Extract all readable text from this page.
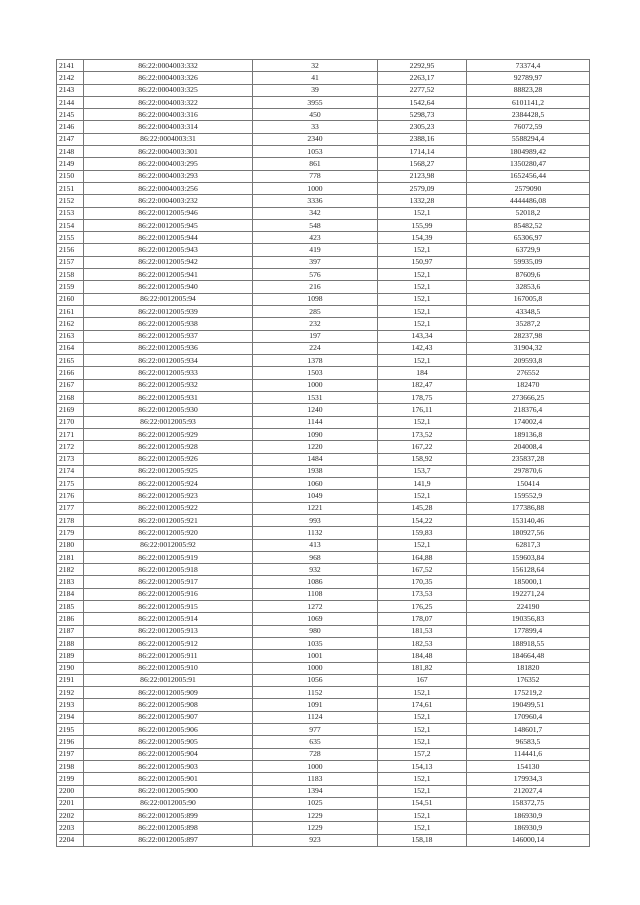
2141	86:22:0004003:332	32	2292,95	73374,4
2142	86:22:0004003:326	41	2263,17	92789,97
2143	86:22:0004003:325	39	2277,52	88823,28
2144	86:22:0004003:322	3955	1542,64	6101141,2
2145	86:22:0004003:316	450	5298,73	2384428,5
2146	86:22:0004003:314	33	2305,23	76072,59
2147	86:22:0004003:31	2340	2388,16	5588294,4
2148	86:22:0004003:301	1053	1714,14	1804989,42
2149	86:22:0004003:295	861	1568,27	1350280,47
2150	86:22:0004003:293	778	2123,98	1652456,44
2151	86:22:0004003:256	1000	2579,09	2579090
2152	86:22:0004003:232	3336	1332,28	4444486,08
2153	86:22:0012005:946	342	152,1	52018,2
2154	86:22:0012005:945	548	155,99	85482,52
2155	86:22:0012005:944	423	154,39	65306,97
2156	86:22:0012005:943	419	152,1	63729,9
2157	86:22:0012005:942	397	150,97	59935,09
2158	86:22:0012005:941	576	152,1	87609,6
2159	86:22:0012005:940	216	152,1	32853,6
2160	86:22:0012005:94	1098	152,1	167005,8
2161	86:22:0012005:939	285	152,1	43348,5
2162	86:22:0012005:938	232	152,1	35287,2
2163	86:22:0012005:937	197	143,34	28237,98
2164	86:22:0012005:936	224	142,43	31904,32
2165	86:22:0012005:934	1378	152,1	209593,8
2166	86:22:0012005:933	1503	184	276552
2167	86:22:0012005:932	1000	182,47	182470
2168	86:22:0012005:931	1531	178,75	273666,25
2169	86:22:0012005:930	1240	176,11	218376,4
2170	86:22:0012005:93	1144	152,1	174002,4
2171	86:22:0012005:929	1090	173,52	189136,8
2172	86:22:0012005:928	1220	167,22	204008,4
2173	86:22:0012005:926	1484	158,92	235837,28
2174	86:22:0012005:925	1938	153,7	297870,6
2175	86:22:0012005:924	1060	141,9	150414
2176	86:22:0012005:923	1049	152,1	159552,9
2177	86:22:0012005:922	1221	145,28	177386,88
2178	86:22:0012005:921	993	154,22	153140,46
2179	86:22:0012005:920	1132	159,83	180927,56
2180	86:22:0012005:92	413	152,1	62817,3
2181	86:22:0012005:919	968	164,88	159603,84
2182	86:22:0012005:918	932	167,52	156128,64
2183	86:22:0012005:917	1086	170,35	185000,1
2184	86:22:0012005:916	1108	173,53	192271,24
2185	86:22:0012005:915	1272	176,25	224190
2186	86:22:0012005:914	1069	178,07	190356,83
2187	86:22:0012005:913	980	181,53	177899,4
2188	86:22:0012005:912	1035	182,53	188918,55
2189	86:22:0012005:911	1001	184,48	184664,48
2190	86:22:0012005:910	1000	181,82	181820
2191	86:22:0012005:91	1056	167	176352
2192	86:22:0012005:909	1152	152,1	175219,2
2193	86:22:0012005:908	1091	174,61	190499,51
2194	86:22:0012005:907	1124	152,1	170960,4
2195	86:22:0012005:906	977	152,1	148601,7
2196	86:22:0012005:905	635	152,1	96583,5
2197	86:22:0012005:904	728	157,2	114441,6
2198	86:22:0012005:903	1000	154,13	154130
2199	86:22:0012005:901	1183	152,1	179934,3
2200	86:22:0012005:900	1394	152,1	212027,4
2201	86:22:0012005:90	1025	154,51	158372,75
2202	86:22:0012005:899	1229	152,1	186930,9
2203	86:22:0012005:898	1229	152,1	186930,9
2204	86:22:0012005:897	923	158,18	146000,14
